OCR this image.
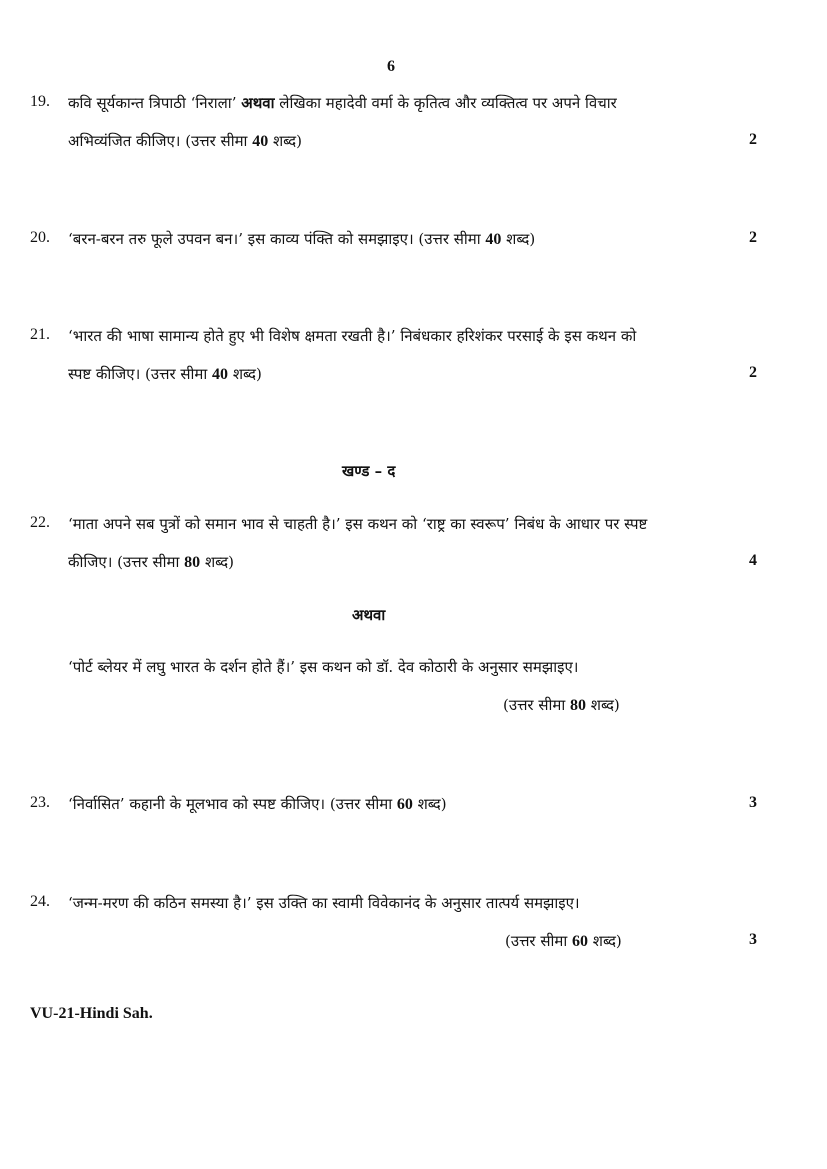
6
19. कवि सूर्यकान्त त्रिपाठी ‘निराला’ अथवा लेखिका महादेवी वर्मा के कृतित्व और व्यक्तित्व पर अपने विचार
अभिव्यंजित कीजिए। (उत्तर सीमा 40 शब्द)	2
20. ‘बरन-बरन तरु फूले उपवन बन।’ इस काव्य पंक्ति को समझाइए। (उत्तर सीमा 40 शब्द)	2
21. ‘भारत की भाषा सामान्य होते हुए भी विशेष क्षमता रखती है।’ निबंधकार हरिशंकर परसाई के इस कथन को
स्पष्ट कीजिए। (उत्तर सीमा 40 शब्द)	2
खण्ड – द
22. ‘माता अपने सब पुत्रों को समान भाव से चाहती है।’ इस कथन को ‘राष्ट्र का स्वरूप’ निबंध के आधार पर स्पष्ट
कीजिए। (उत्तर सीमा 80 शब्द)	4
अथवा
‘पोर्ट ब्लेयर में लघु भारत के दर्शन होते हैं।’ इस कथन को डॉ. देव कोठारी के अनुसार समझाइए।
(उत्तर सीमा 80 शब्द)
23. ‘निर्वासित’ कहानी के मूलभाव को स्पष्ट कीजिए। (उत्तर सीमा 60 शब्द)	3
24. ‘जन्म-मरण की कठिन समस्या है।’ इस उक्ति का स्वामी विवेकानंद के अनुसार तात्पर्य समझाइए।
(उत्तर सीमा 60 शब्द)	3
VU-21-Hindi Sah.
